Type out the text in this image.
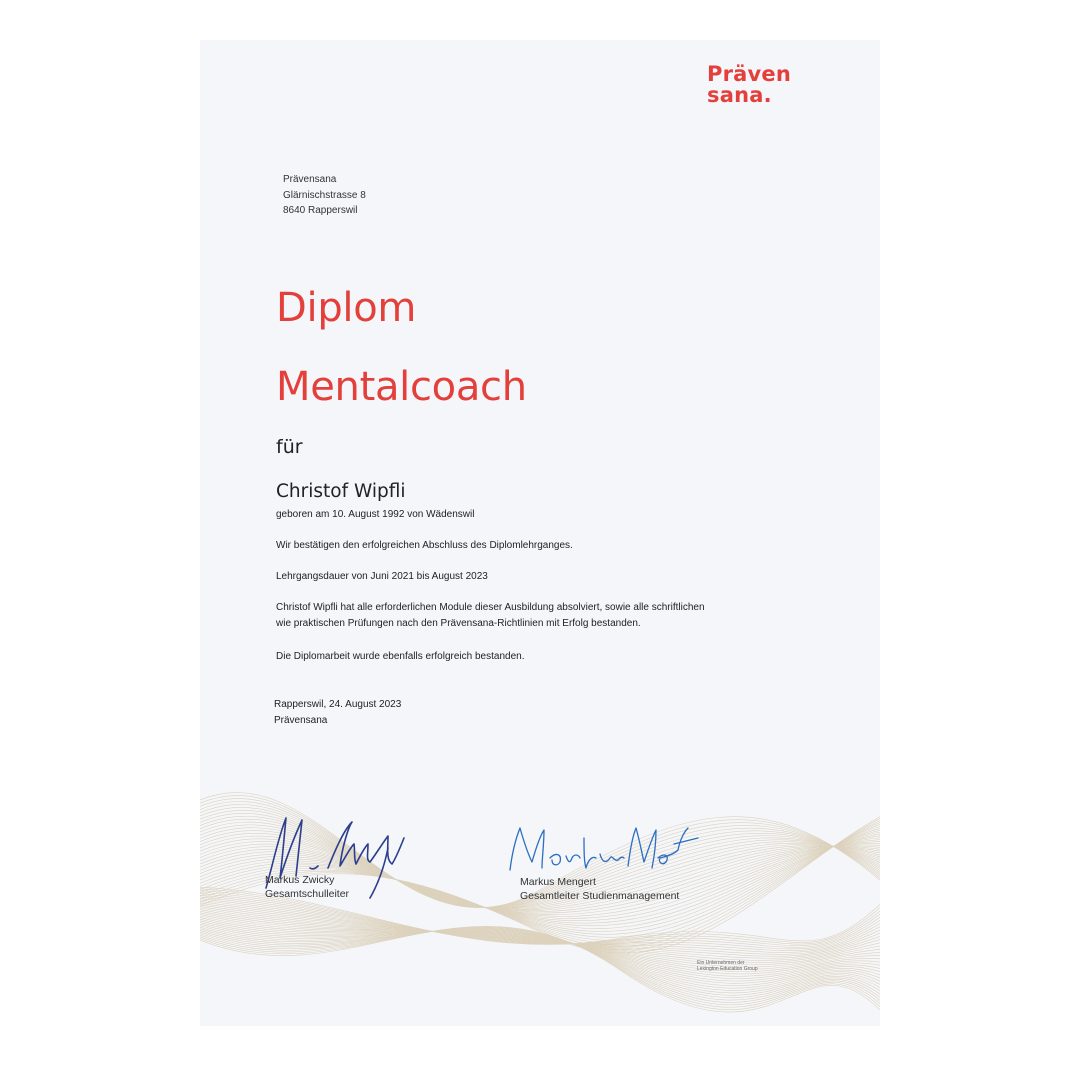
Präven
sana.
Prävensana
Glärnischstrasse 8
8640 Rapperswil
Diplom
Mentalcoach
für
Christof Wipfli
geboren am 10. August 1992 von Wädenswil
Wir bestätigen den erfolgreichen Abschluss des Diplomlehrganges.
Lehrgangsdauer von Juni 2021 bis August 2023
Christof Wipfli hat alle erforderlichen Module dieser Ausbildung absolviert, sowie alle schriftlichen
wie praktischen Prüfungen nach den Prävensana-Richtlinien mit Erfolg bestanden.
Die Diplomarbeit wurde ebenfalls erfolgreich bestanden.
Rapperswil, 24. August 2023
Prävensana
Markus Zwicky
Gesamtschulleiter
Markus Mengert
Gesamtleiter Studienmanagement
Ein Unternehmen der
Lexington Education Group
